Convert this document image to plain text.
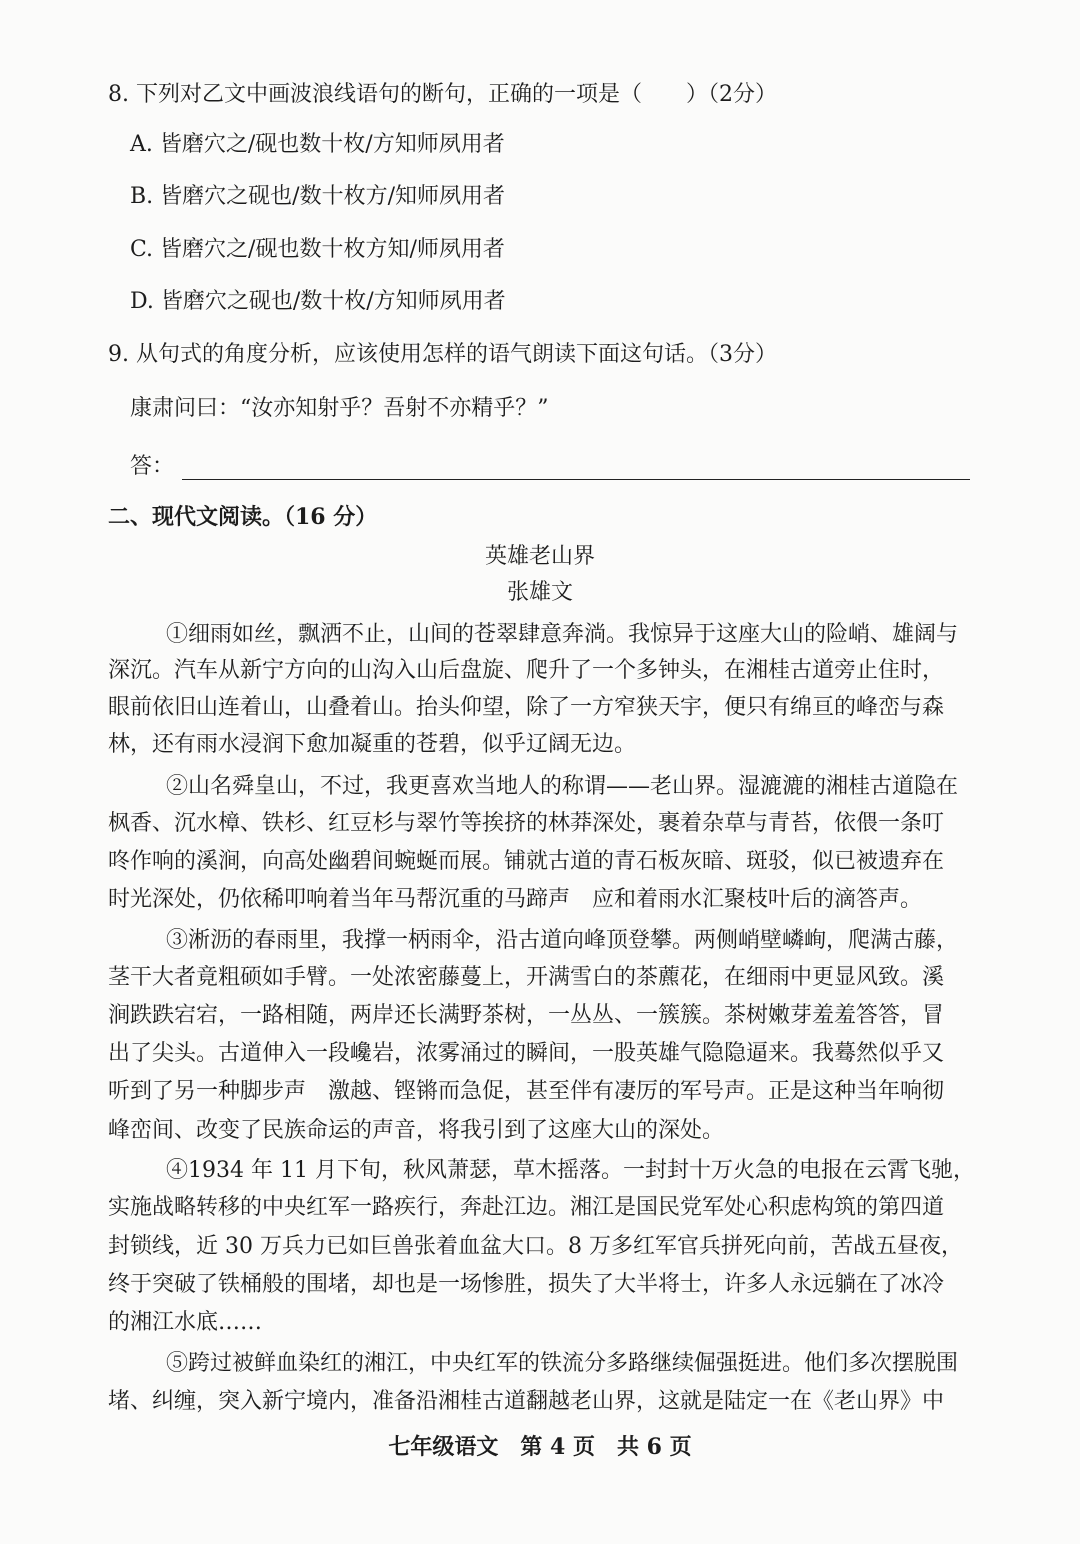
8. 下列对乙文中画波浪线语句的断句，正确的一项是（　　）（2分）
A. 皆磨穴之/砚也数十枚/方知师夙用者
B. 皆磨穴之砚也/数十枚方/知师夙用者
C. 皆磨穴之/砚也数十枚方知/师夙用者
D. 皆磨穴之砚也/数十枚/方知师夙用者
9. 从句式的角度分析，应该使用怎样的语气朗读下面这句话。（3分）
康肃问曰：“汝亦知射乎？吾射不亦精乎？”
答：
二、现代文阅读。（16 分）
英雄老山界
张雄文
①细雨如丝，飘洒不止，山间的苍翠肆意奔淌。我惊异于这座大山的险峭、雄阔与
深沉。汽车从新宁方向的山沟入山后盘旋、爬升了一个多钟头，在湘桂古道旁止住时，
眼前依旧山连着山，山叠着山。抬头仰望，除了一方窄狭天宇，便只有绵亘的峰峦与森
林，还有雨水浸润下愈加凝重的苍碧，似乎辽阔无边。
②山名舜皇山，不过，我更喜欢当地人的称谓——老山界。湿漉漉的湘桂古道隐在
枫香、沉水樟、铁杉、红豆杉与翠竹等挨挤的林莽深处，裹着杂草与青苔，依偎一条叮
咚作响的溪涧，向高处幽碧间蜿蜒而展。铺就古道的青石板灰暗、斑驳，似已被遗弃在
时光深处，仍依稀叩响着当年马帮沉重的马蹄声　应和着雨水汇聚枝叶后的滴答声。
③淅沥的春雨里，我撑一柄雨伞，沿古道向峰顶登攀。两侧峭壁嶙峋，爬满古藤，
茎干大者竟粗硕如手臂。一处浓密藤蔓上，开满雪白的茶藨花，在细雨中更显风致。溪
涧跌跌宕宕，一路相随，两岸还长满野茶树，一丛丛、一簇簇。茶树嫩芽羞羞答答，冒
出了尖头。古道伸入一段巉岩，浓雾涌过的瞬间，一股英雄气隐隐逼来。我蓦然似乎又
听到了另一种脚步声　激越、铿锵而急促，甚至伴有凄厉的军号声。正是这种当年响彻
峰峦间、改变了民族命运的声音，将我引到了这座大山的深处。
④1934 年 11 月下旬，秋风萧瑟，草木摇落。一封封十万火急的电报在云霄飞驰，
实施战略转移的中央红军一路疾行，奔赴江边。湘江是国民党军处心积虑构筑的第四道
封锁线，近 30 万兵力已如巨兽张着血盆大口。8 万多红军官兵拼死向前，苦战五昼夜，
终于突破了铁桶般的围堵，却也是一场惨胜，损失了大半将士，许多人永远躺在了冰冷
的湘江水底……
⑤跨过被鲜血染红的湘江，中央红军的铁流分多路继续倔强挺进。他们多次摆脱围
堵、纠缠，突入新宁境内，准备沿湘桂古道翻越老山界，这就是陆定一在《老山界》中
七年级语文　第 4 页　共 6 页
